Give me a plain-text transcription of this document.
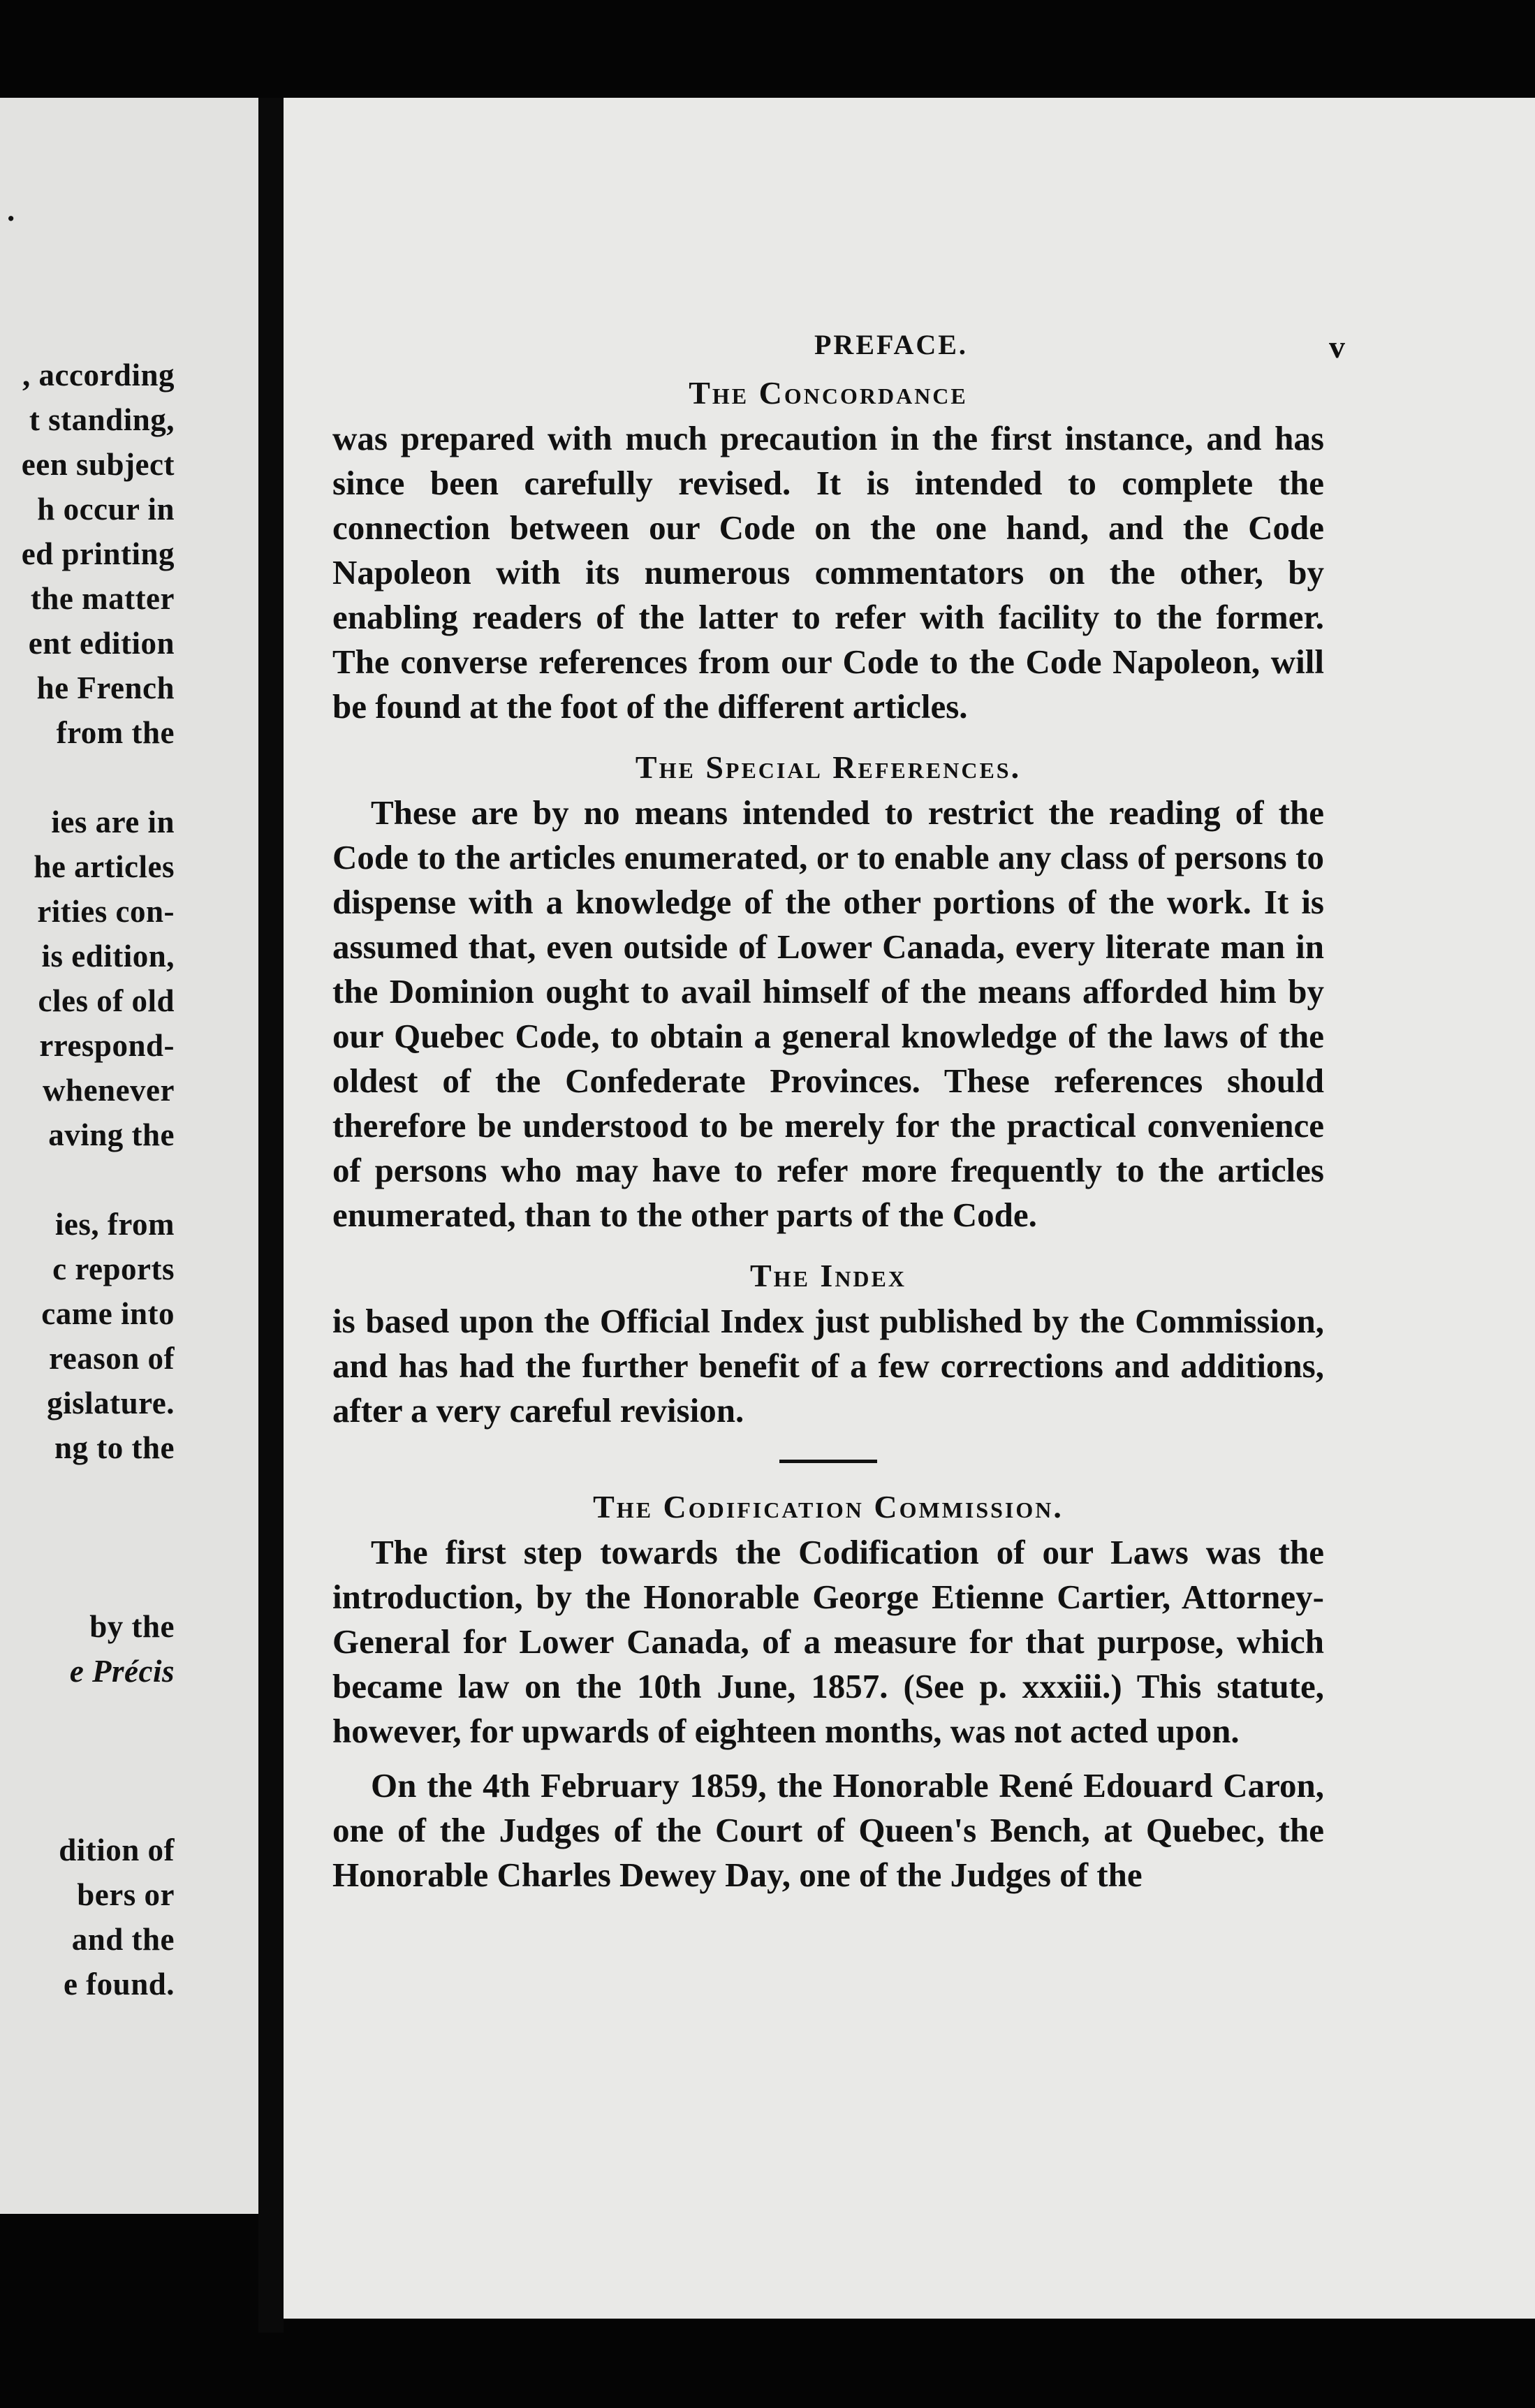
.
, according
t standing,
een subject
h occur in
ed printing
the matter
ent edition
he French
from the
ies are in
he articles
rities con-
is edition,
cles of old
rrespond-
whenever
aving the
ies, from
c reports
came into
reason of
gislature.
ng to the
by the
e Précis
dition of
bers or
and the
e found.
PREFACE.	v
The Concordance

was prepared with much precaution in the first instance, and has since been carefully revised. It is intended to complete the connection between our Code on the one hand, and the Code Napoleon with its numerous commentators on the other, by enabling readers of the latter to refer with facility to the former. The converse references from our Code to the Code Napoleon, will be found at the foot of the different articles.

The Special References.

These are by no means intended to restrict the reading of the Code to the articles enumerated, or to enable any class of persons to dispense with a knowledge of the other portions of the work. It is assumed that, even outside of Lower Canada, every literate man in the Dominion ought to avail himself of the means afforded him by our Quebec Code, to obtain a general knowledge of the laws of the oldest of the Confederate Provinces. These references should therefore be understood to be merely for the practical convenience of persons who may have to refer more frequently to the articles enumerated, than to the other parts of the Code.

The Index

is based upon the Official Index just published by the Commission, and has had the further benefit of a few corrections and additions, after a very careful revision.

The Codification Commission.

The first step towards the Codification of our Laws was the introduction, by the Honorable George Etienne Cartier, Attorney-General for Lower Canada, of a measure for that purpose, which became law on the 10th June, 1857. (See p. xxxiii.) This statute, however, for upwards of eighteen months, was not acted upon.

On the 4th February 1859, the Honorable René Edouard Caron, one of the Judges of the Court of Queen's Bench, at Quebec, the Honorable Charles Dewey Day, one of the Judges of the
